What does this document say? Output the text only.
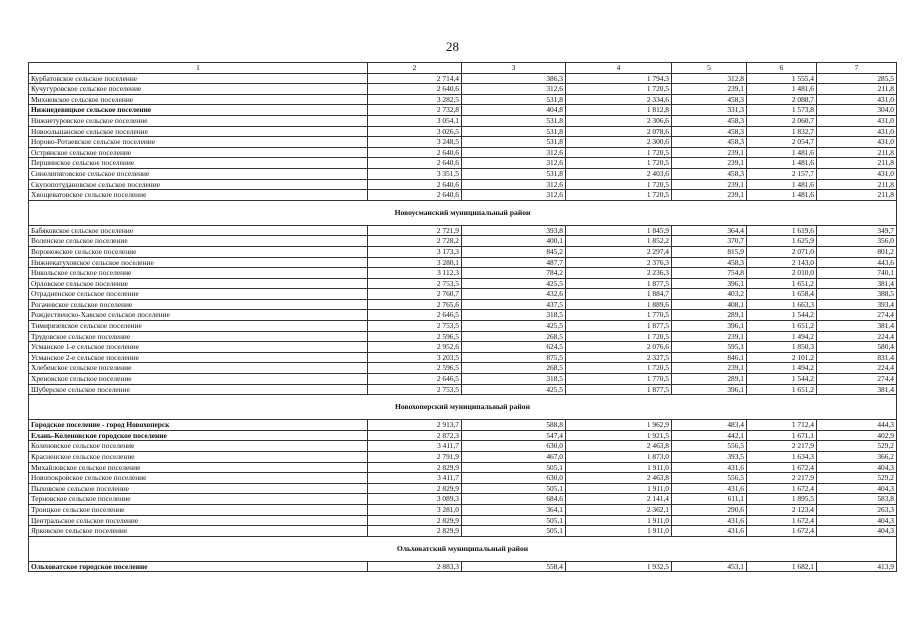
28
1	2	3	4	5	6	7
Курбатовское сельское поселение	2 714,4	386,3	1 794,3	312,8	1 555,4	285,5
Кучугуровское сельское поселение	2 640,6	312,6	1 720,5	239,1	1 481,6	211,8
Михневское сельское поселение	3 282,5	531,8	2 334,6	458,3	2 088,7	431,0
Нижнедевицкое сельское поселение	2 732,8	404,8	1 812,8	331,3	1 573,8	304,0
Нижнетуровское сельское поселение	3 054,1	531,8	2 306,6	458,3	2 060,7	431,0
Новоольшанское сельское поселение	3 026,5	531,8	2 078,6	458,3	1 832,7	431,0
Норово-Ротаевское сельское поселение	3 248,5	531,8	2 300,6	458,3	2 054,7	431,0
Острянское сельское поселение	2 640,6	312,6	1 720,5	239,1	1 481,6	211,8
Першинское сельское поселение	2 640,6	312,6	1 720,5	239,1	1 481,6	211,8
Синелипяговское сельское поселение	3 351,5	531,8	2 403,6	458,3	2 157,7	431,0
Скупопотудановское сельское поселение	2 640,6	312,6	1 720,5	239,1	1 481,6	211,8
Хвощеватовское сельское поселение	2 640,6	312,6	1 720,5	239,1	1 481,6	211,8
Новоусманский муниципальный район						
Бабяковское сельское поселение	2 721,9	393,8	1 845,9	364,4	1 619,6	349,7
Воленское сельское поселение	2 728,2	400,1	1 852,2	370,7	1 625,9	356,0
Воронежское сельское поселение	3 173,3	845,2	2 297,4	815,9	2 071,0	801,2
Нижнекатуховское сельское поселение	3 280,1	487,7	2 376,3	458,3	2 143,0	443,6
Никольское сельское поселение	3 112,3	784,2	2 236,3	754,8	2 010,0	740,1
Орловское сельское поселение	2 753,5	425,5	1 877,5	396,1	1 651,2	381,4
Отрадненское сельское поселение	2 760,7	432,6	1 884,7	403,2	1 658,4	388,5
Рогачевское сельское поселение	2 765,6	437,5	1 889,6	408,1	1 663,3	393,4
Рождественско-Хавское сельское поселение	2 646,5	318,5	1 770,5	289,1	1 544,2	274,4
Тимирязевское сельское поселение	2 753,5	425,5	1 877,5	396,1	1 651,2	381,4
Трудовское сельское поселение	2 596,5	268,5	1 720,5	239,1	1 494,2	224,4
Усманское 1-е сельское поселение	2 952,6	624,5	2 076,6	595,1	1 850,3	580,4
Усманское 2-е сельское поселение	3 203,5	875,5	2 327,5	846,1	2 101,2	831,4
Хлебенское сельское поселение	2 596,5	268,5	1 720,5	239,1	1 494,2	224,4
Хреновское сельское поселение	2 646,5	318,5	1 770,5	289,1	1 544,2	274,4
Шуберское сельское поселение	2 753,5	425,5	1 877,5	396,1	1 651,2	381,4
Новохоперский муниципальный район						
Городское поселение - город Новохоперск	2 913,7	588,8	1 962,9	483,4	1 712,4	444,3
Елань-Коленовское городское поселение	2 872,3	547,4	1 921,5	442,1	1 671,1	402,9
Коленовское сельское поселение	3 411,7	630,0	2 463,8	556,5	2 217,9	529,2
Красненское сельское поселение	2 791,9	467,0	1 873,0	393,5	1 634,3	366,2
Михайловское сельское поселение	2 829,9	505,1	1 911,0	431,6	1 672,4	404,3
Новопокровское сельское поселение	3 411,7	630,0	2 463,8	556,5	2 217,9	529,2
Пыховское сельское поселение	2 829,9	505,1	1 911,0	431,6	1 672,4	404,3
Терновское сельское поселение	3 089,3	684,6	2 141,4	611,1	1 895,5	583,8
Троицкое сельское поселение	3 281,0	364,1	2 362,1	290,6	2 123,4	263,3
Центральское сельское поселение	2 829,9	505,1	1 911,0	431,6	1 672,4	404,3
Ярковское сельское поселение	2 829,9	505,1	1 911,0	431,6	1 672,4	404,3
Ольховатский муниципальный район						
Ольховатское городское поселение	2 883,3	558,4	1 932,5	453,1	1 682,1	413,9
